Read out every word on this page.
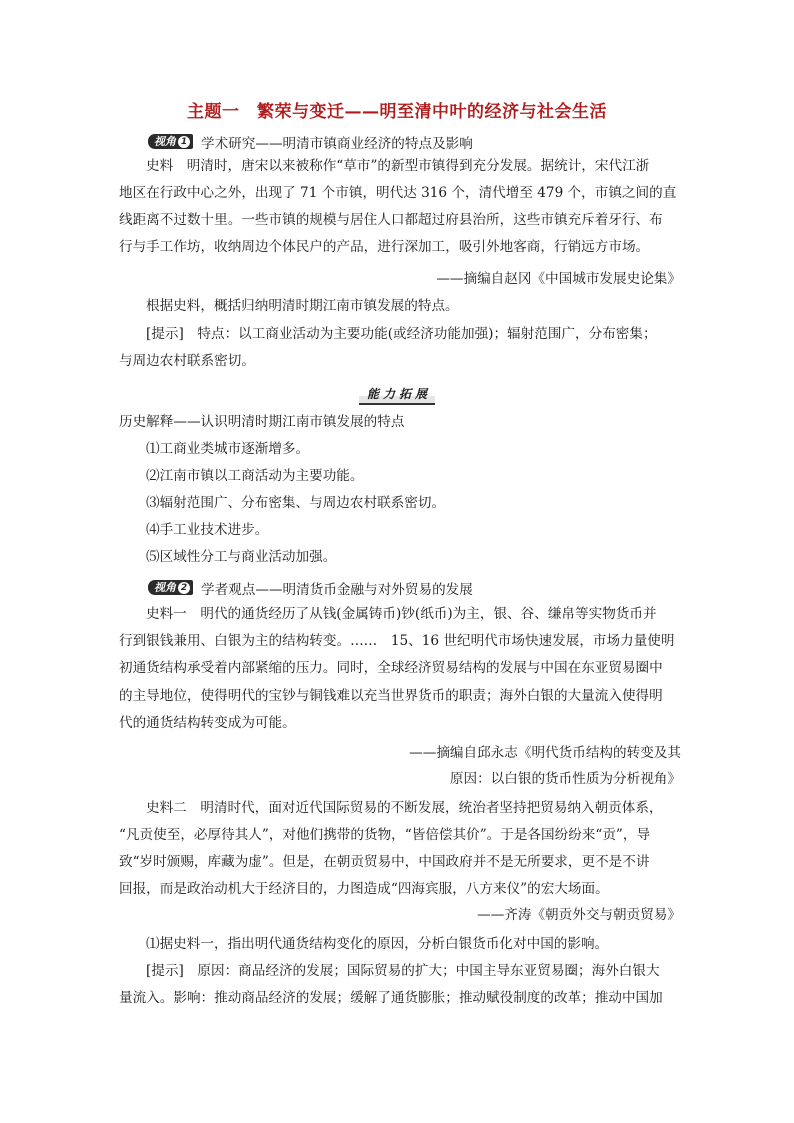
主题一　繁荣与变迁——明至清中叶的经济与社会生活
视角 1 学术研究——明清市镇商业经济的特点及影响
史料　明清时，唐宋以来被称作“草市”的新型市镇得到充分发展。据统计，宋代江浙
地区在行政中心之外，出现了 71 个市镇，明代达 316 个，清代增至 479 个，市镇之间的直
线距离不过数十里。一些市镇的规模与居住人口都超过府县治所，这些市镇充斥着牙行、布
行与手工作坊，收纳周边个体民户的产品，进行深加工，吸引外地客商，行销远方市场。
——摘编自赵冈《中国城市发展史论集》
根据史料，概括归纳明清时期江南市镇发展的特点。
[提示]　特点：以工商业活动为主要功能(或经济功能加强)；辐射范围广，分布密集；
与周边农村联系密切。
能力拓展
历史解释——认识明清时期江南市镇发展的特点
⑴工商业类城市逐渐增多。
⑵江南市镇以工商活动为主要功能。
⑶辐射范围广、分布密集、与周边农村联系密切。
⑷手工业技术进步。
⑸区域性分工与商业活动加强。
视角 2 学者观点——明清货币金融与对外贸易的发展
史料一　明代的通货经历了从钱(金属铸币)钞(纸币)为主，银、谷、缣帛等实物货币并
行到银钱兼用、白银为主的结构转变。……　15、16 世纪明代市场快速发展，市场力量使明
初通货结构承受着内部紧缩的压力。同时，全球经济贸易结构的发展与中国在东亚贸易圈中
的主导地位，使得明代的宝钞与铜钱难以充当世界货币的职责；海外白银的大量流入使得明
代的通货结构转变成为可能。
——摘编自邱永志《明代货币结构的转变及其
原因：以白银的货币性质为分析视角》
史料二　明清时代，面对近代国际贸易的不断发展，统治者坚持把贸易纳入朝贡体系，
“凡贡使至，必厚待其人”，对他们携带的货物，“皆倍偿其价”。于是各国纷纷来“贡”，导
致“岁时颁赐，库藏为虚”。但是，在朝贡贸易中，中国政府并不是无所要求，更不是不讲
回报，而是政治动机大于经济目的，力图造成“四海宾服，八方来仪”的宏大场面。
——齐涛《朝贡外交与朝贡贸易》
⑴据史料一，指出明代通货结构变化的原因，分析白银货币化对中国的影响。
[提示]　原因：商品经济的发展；国际贸易的扩大；中国主导东亚贸易圈；海外白银大
量流入。影响：推动商品经济的发展；缓解了通货膨胀；推动赋役制度的改革；推动中国加
